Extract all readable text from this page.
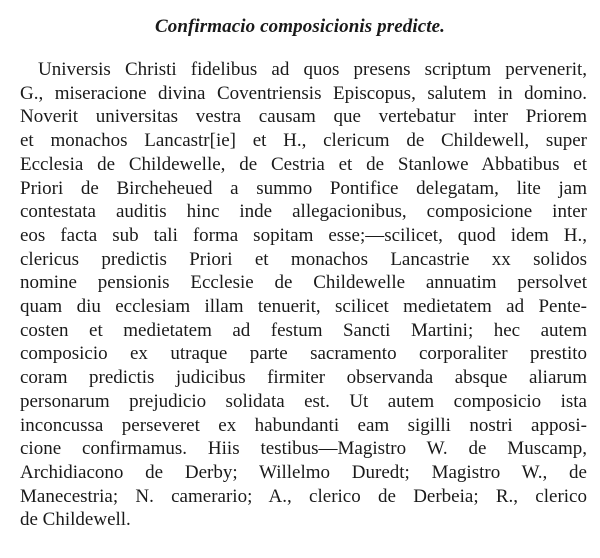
Confirmacio composicionis predicte.
Universis Christi fidelibus ad quos presens scriptum pervenerit,
G., miseracione divina Coventriensis Episcopus, salutem in domino.
Noverit universitas vestra causam que vertebatur inter Priorem
et monachos Lancastr[ie] et H., clericum de Childewell, super
Ecclesia de Childewelle, de Cestria et de Stanlowe Abbatibus et
Priori de Bircheheued a summo Pontifice delegatam, lite jam
contestata auditis hinc inde allegacionibus, composicione inter
eos facta sub tali forma sopitam esse;—scilicet, quod idem H.,
clericus predictis Priori et monachos Lancastrie xx solidos
nomine pensionis Ecclesie de Childewelle annuatim persolvet
quam diu ecclesiam illam tenuerit, scilicet medietatem ad Pente-
costen et medietatem ad festum Sancti Martini; hec autem
composicio ex utraque parte sacramento corporaliter prestito
coram predictis judicibus firmiter observanda absque aliarum
personarum prejudicio solidata est. Ut autem composicio ista
inconcussa perseveret ex habundanti eam sigilli nostri apposi-
cione confirmamus. Hiis testibus—Magistro W. de Muscamp,
Archidiacono de Derby; Willelmo Duredt; Magistro W., de
Manecestria; N. camerario; A., clerico de Derbeia; R., clerico
de Childewell.
